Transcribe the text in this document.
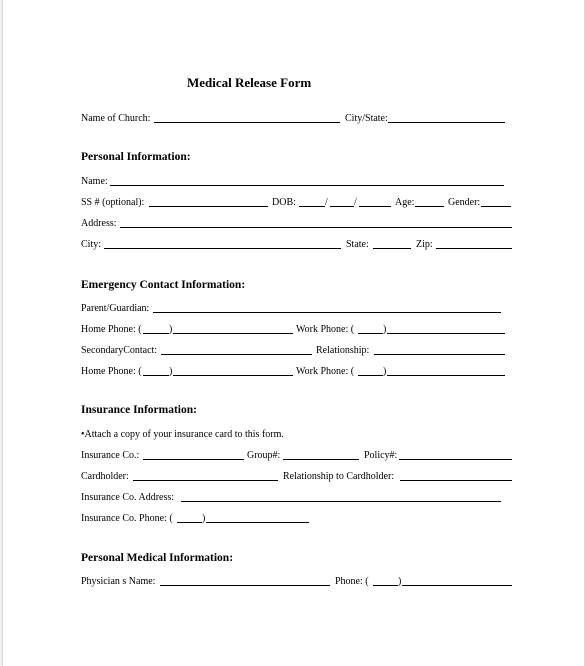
Medical Release Form
Name of Church:	City/State:
Personal Information:
Name:
SS # (optional):	DOB:	/	/	Age:	Gender:
Address:
City:	State:	Zip:
Emergency Contact Information:
Parent/Guardian:
Home Phone: (	)	Work Phone: (	)
SecondaryContact:	Relationship:
Home Phone: (	)	Work Phone: (	)
Insurance Information:
•Attach a copy of your insurance card to this form.
Insurance Co.:	Group#:	Policy#:
Cardholder:	Relationship to Cardholder:
Insurance Co. Address:
Insurance Co. Phone: (	)
Personal Medical Information:
Physician s Name:	Phone: (	)
